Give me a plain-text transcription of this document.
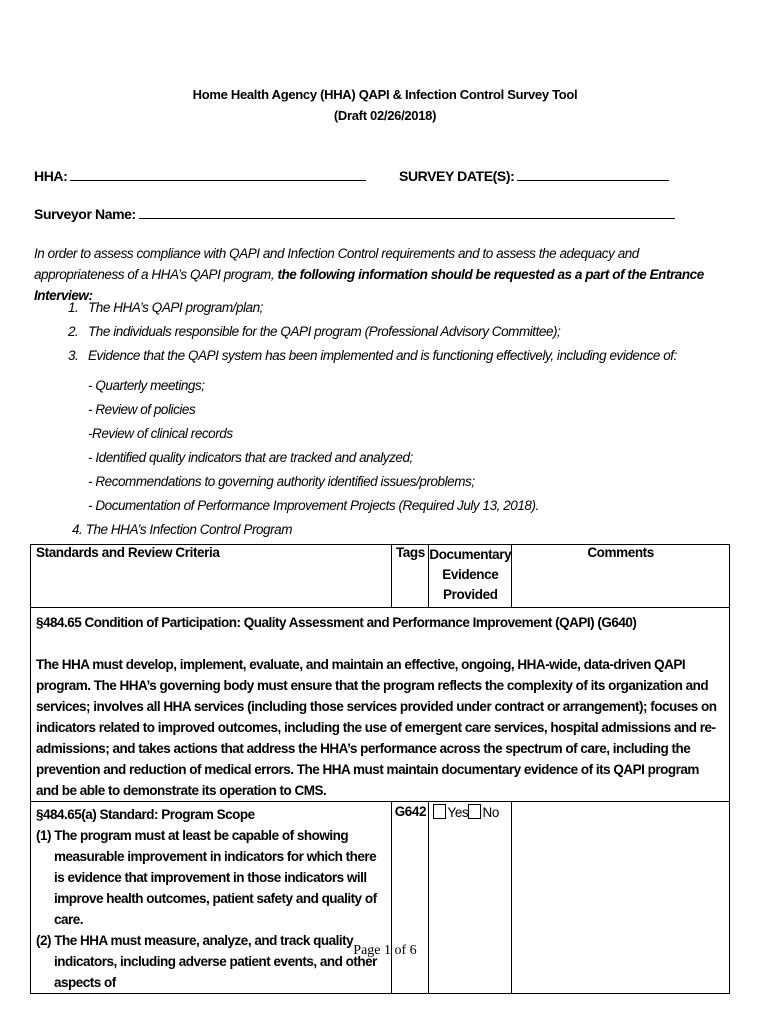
Home Health Agency (HHA) QAPI & Infection Control Survey Tool
(Draft 02/26/2018)
HHA:	SURVEY DATE(S):
Surveyor Name:
In order to assess compliance with QAPI and Infection Control requirements and to assess the adequacy and appropriateness of a HHA’s QAPI program, the following information should be requested as a part of the Entrance Interview:
1. The HHA’s QAPI program/plan;
2. The individuals responsible for the QAPI program (Professional Advisory Committee);
3. Evidence that the QAPI system has been implemented and is functioning effectively, including evidence of:
- Quarterly meetings;
- Review of policies
-Review of clinical records
- Identified quality indicators that are tracked and analyzed;
- Recommendations to governing authority identified issues/problems;
- Documentation of Performance Improvement Projects (Required July 13, 2018).
4. The HHA’s Infection Control Program
Standards and Review Criteria	Tags	Documentary
Evidence
Provided	Comments

§484.65 Condition of Participation: Quality Assessment and Performance Improvement (QAPI) (G640)

The HHA must develop, implement, evaluate, and maintain an effective, ongoing, HHA-wide, data-driven QAPI program. The HHA’s governing body must ensure that the program reflects the complexity of its organization and services; involves all HHA services (including those services provided under contract or arrangement); focuses on indicators related to improved outcomes, including the use of emergent care services, hospital admissions and re-admissions; and takes actions that address the HHA’s performance across the spectrum of care, including the prevention and reduction of medical errors. The HHA must maintain documentary evidence of its QAPI program and be able to demonstrate its operation to CMS.			

§484.65(a) Standard: Program Scope

(1) The program must at least be capable of showing measurable improvement in indicators for which there is evidence that improvement in those indicators will improve health outcomes, patient safety and quality of care.

(2) The HHA must measure, analyze, and track quality indicators, including adverse patient events, and other aspects of	G642	Yes No	
Page 1 of 6
